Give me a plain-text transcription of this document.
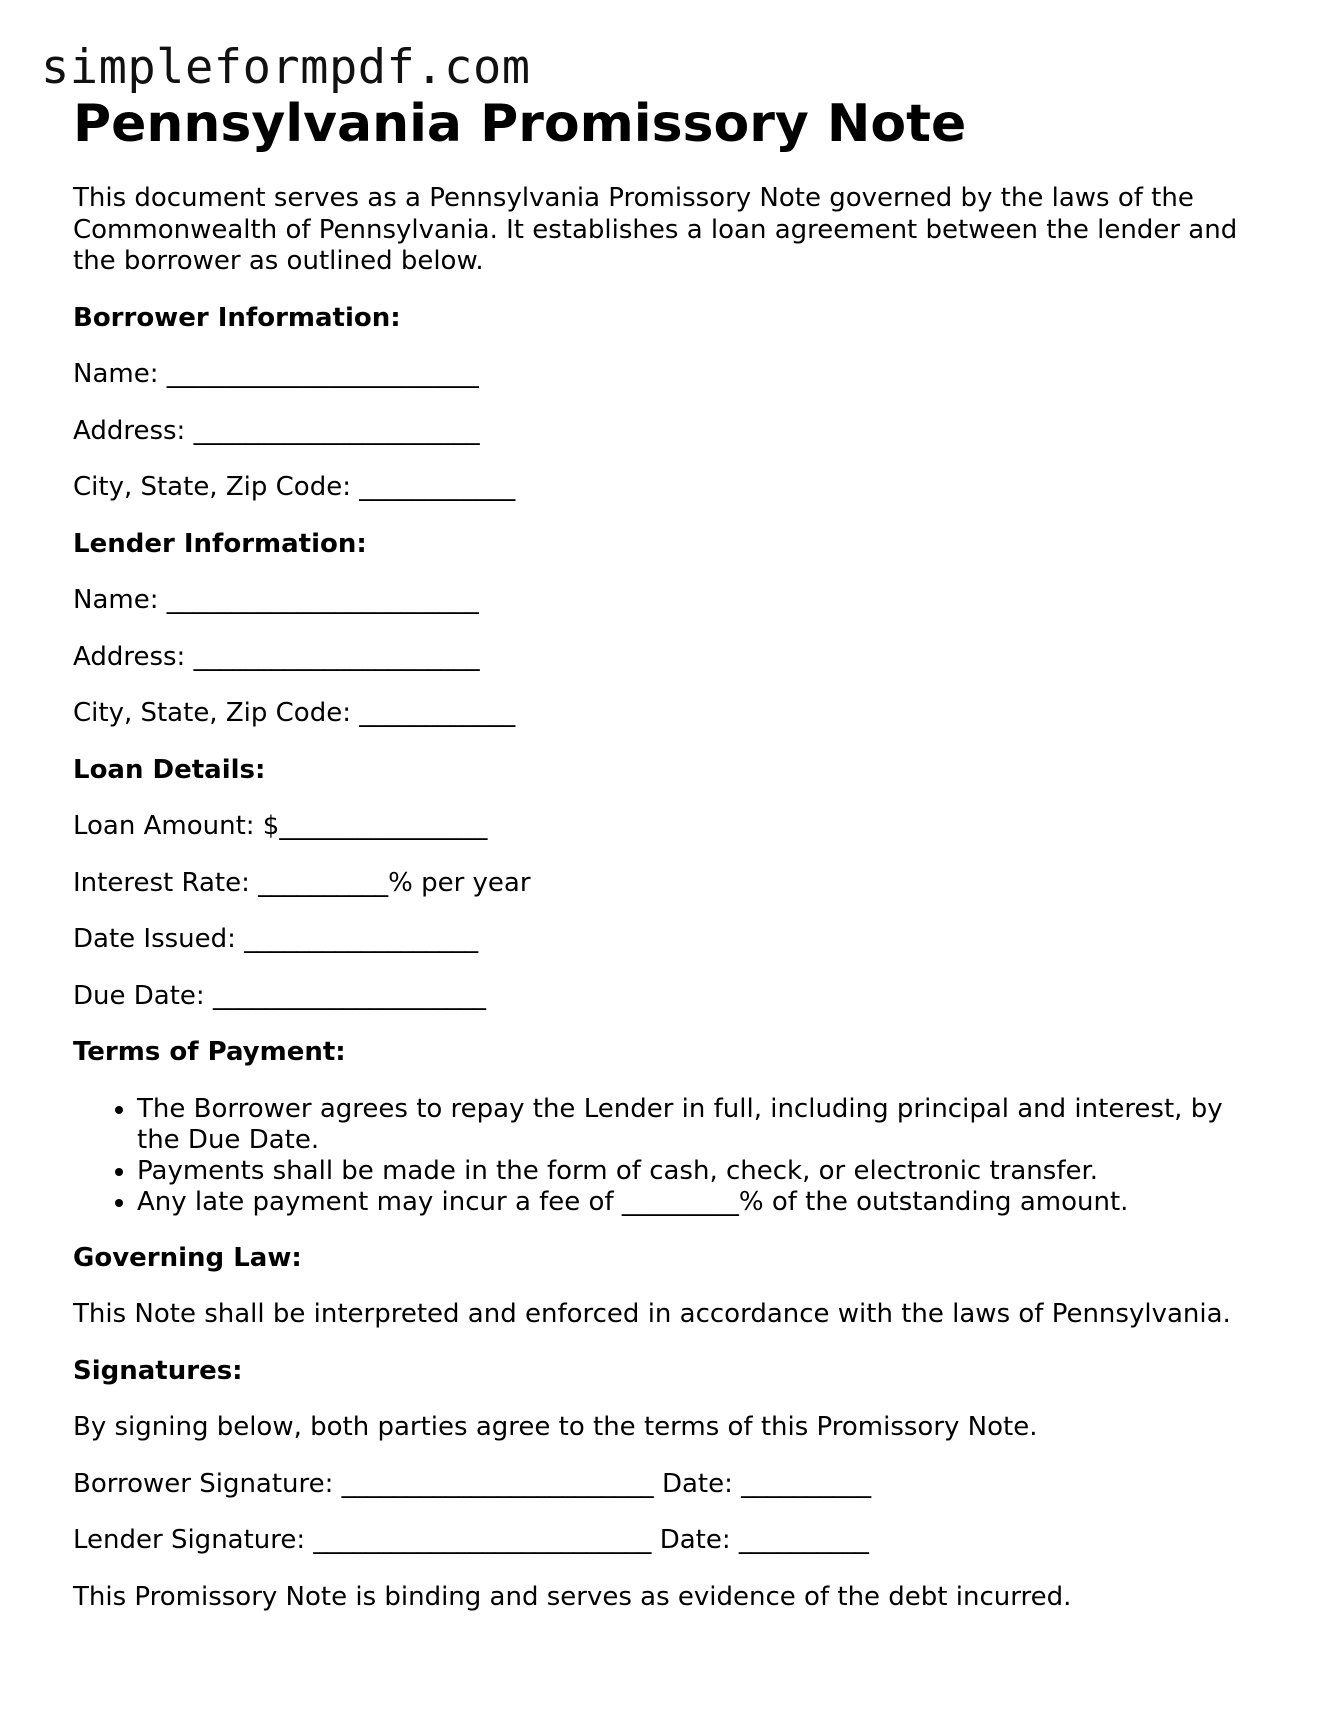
simpleformpdf.com
Pennsylvania Promissory Note

This document serves as a Pennsylvania Promissory Note governed by the laws of the Commonwealth of Pennsylvania. It establishes a loan agreement between the lender and the borrower as outlined below.

Borrower Information:
Name: ________________________
Address: ______________________
City, State, Zip Code: ____________
Lender Information:
Name: ________________________
Address: ______________________
City, State, Zip Code: ____________
Loan Details:
Loan Amount: $________________
Interest Rate: __________% per year
Date Issued: __________________
Due Date: _____________________
Terms of Payment:
• The Borrower agrees to repay the Lender in full, including principal and interest, by the Due Date.
• Payments shall be made in the form of cash, check, or electronic transfer.
• Any late payment may incur a fee of _________% of the outstanding amount.
Governing Law:
This Note shall be interpreted and enforced in accordance with the laws of Pennsylvania.
Signatures:
By signing below, both parties agree to the terms of this Promissory Note.
Borrower Signature: ________________________ Date: __________
Lender Signature: __________________________ Date: __________
This Promissory Note is binding and serves as evidence of the debt incurred.
